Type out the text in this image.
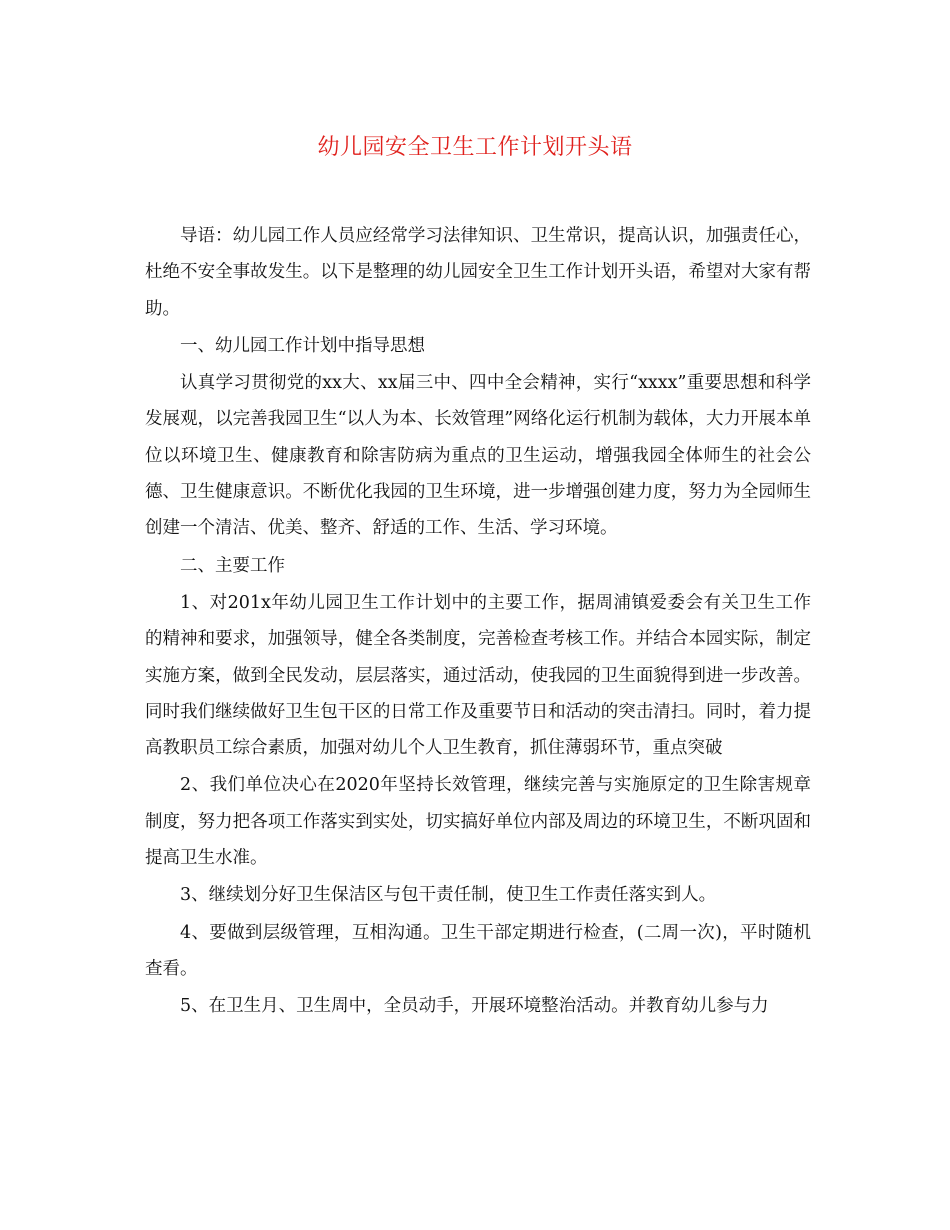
幼儿园安全卫生工作计划开头语

导语：幼儿园工作人员应经常学习法律知识、卫生常识，提高认识，加强责任心，杜绝不安全事故发生。以下是整理的幼儿园安全卫生工作计划开头语，希望对大家有帮助。

一、幼儿园工作计划中指导思想

认真学习贯彻党的xx大、xx届三中、四中全会精神，实行“xxxx”重要思想和科学发展观，以完善我园卫生“以人为本、长效管理”网络化运行机制为载体，大力开展本单位以环境卫生、健康教育和除害防病为重点的卫生运动，增强我园全体师生的社会公德、卫生健康意识。不断优化我园的卫生环境，进一步增强创建力度，努力为全园师生创建一个清洁、优美、整齐、舒适的工作、生活、学习环境。

二、主要工作

1、对201x年幼儿园卫生工作计划中的主要工作，据周浦镇爱委会有关卫生工作的精神和要求，加强领导，健全各类制度，完善检查考核工作。并结合本园实际，制定实施方案，做到全民发动，层层落实，通过活动，使我园的卫生面貌得到进一步改善。同时我们继续做好卫生包干区的日常工作及重要节日和活动的突击清扫。同时，着力提高教职员工综合素质，加强对幼儿个人卫生教育，抓住薄弱环节，重点突破

2、我们单位决心在2020年坚持长效管理，继续完善与实施原定的卫生除害规章制度，努力把各项工作落实到实处，切实搞好单位内部及周边的环境卫生，不断巩固和提高卫生水准。

3、继续划分好卫生保洁区与包干责任制，使卫生工作责任落实到人。

4、要做到层级管理，互相沟通。卫生干部定期进行检查，(二周一次)，平时随机查看。

5、在卫生月、卫生周中，全员动手，开展环境整治活动。并教育幼儿参与力
